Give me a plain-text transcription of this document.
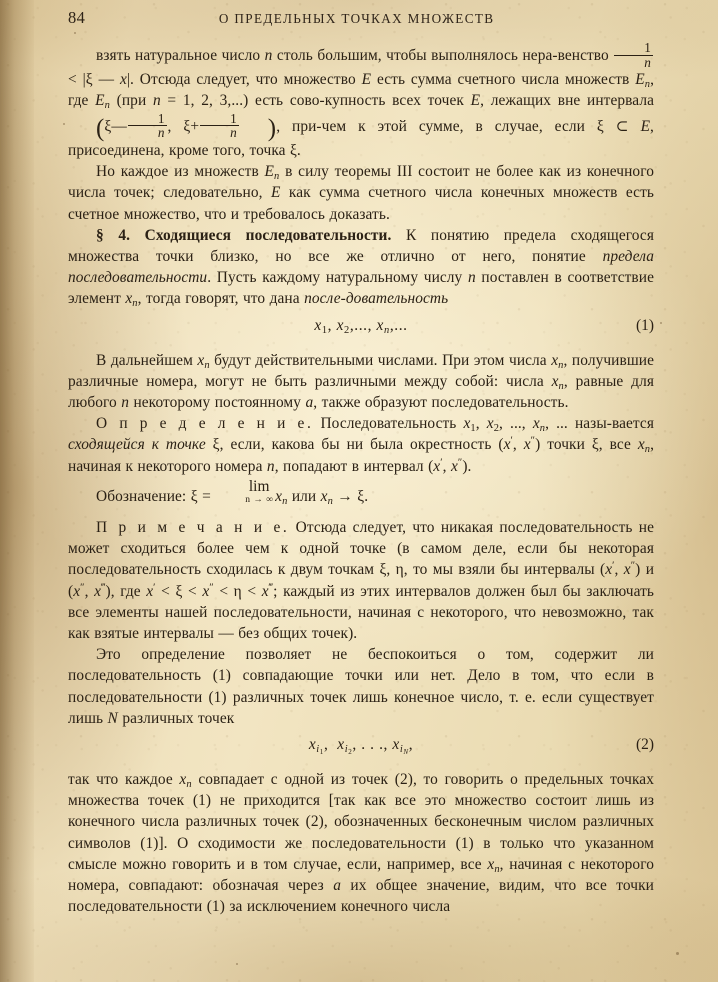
84	О ПРЕДЕЛЬНЫХ ТОЧКАХ МНОЖЕСТВ

взять натуральное число n столь большим, чтобы выполнялось нера-венство $\frac{1}{n}$
< |ξ — x|. Отсюда следует, что множество E есть сумма счетного числа множеств $E_n$, где $E_n$ (при n = 1, 2, 3,...) есть сово-купность всех точек E, лежащих вне интервала (ξ— $\frac{1}{n}$ , $\xi+ \frac{1}{n}$ ), при-чем к этой сумме, в случае, если ξ ⊂ E, присоединена, кроме того, точка ξ.

Но каждое из множеств $E_n$ в силу теоремы III состоит не более как из конечного числа точек; следовательно, E как сумма счетного числа конечных множеств есть счетное множество, что и требовалось доказать.

§ 4. Сходящиеся последовательности. К понятию предела сходящегося множества точки близко, но все же отлично от него, понятие предела последовательности. Пусть каждому натуральному числу n поставлен в соответствие элемент $x_n$, тогда говорят, что дана после-довательность

$x_1$, $x_2$,..., $x_n$,...	(1)

В дальнейшем $x_n$ будут действительными числами. При этом числа $x_n$, получившие различные номера, могут не быть различными между собой: числа $x_n$, равные для любого n некоторому постоянному a, также образуют последовательность.

О п р е д е л е н и е. Последовательность $x_1$, $x_2$, ..., $x_n$, ... назы-вается сходящейся к точке ξ, если, какова бы ни была окрестность (x′, x″) точки ξ, все $x_n$, начиная к некоторого номера n, попадают в интервал (x′, x″).

Обозначение: ξ =
lim
n → ∞ $x_n$ или $x_n \to \xi$.

П р и м е ч а н и е. Отсюда следует, что никакая последовательность не может сходиться более чем к одной точке (в самом деле, если бы некоторая последовательность сходилась к двум точкам ξ, η, то мы взяли бы интервалы (x′, x″) и (x″, x‴), где x′ < ξ < x″ < η < x‴; каждый из этих интервалов должен был бы заключать все элементы нашей последовательности, начиная с некоторого, что невозможно, так как взятые интервалы — без общих точек).

Это определение позволяет не беспокоиться о том, содержит ли последовательность (1) совпадающие точки или нет. Дело в том, что если в последовательности (1) различных точек лишь конечное число, т. е. если существует лишь N различных точек

$x_{i_1}$,  $x_{i_2}$, . . ., $x_{i_N}$,	(2)

так что каждое $x_n$ совпадает с одной из точек (2), то говорить о предельных точках множества точек (1) не приходится [так как все это множество состоит лишь из конечного числа различных точек (2), обозначенных бесконечным числом различных символов (1)]. О сходимости же последовательности (1) в только что указанном смысле можно говорить и в том случае, если, например, все $x_n$, начиная с некоторого номера, совпадают: обозначая через a их общее значение, видим, что все точки последовательности (1) за исключением конечного числа
